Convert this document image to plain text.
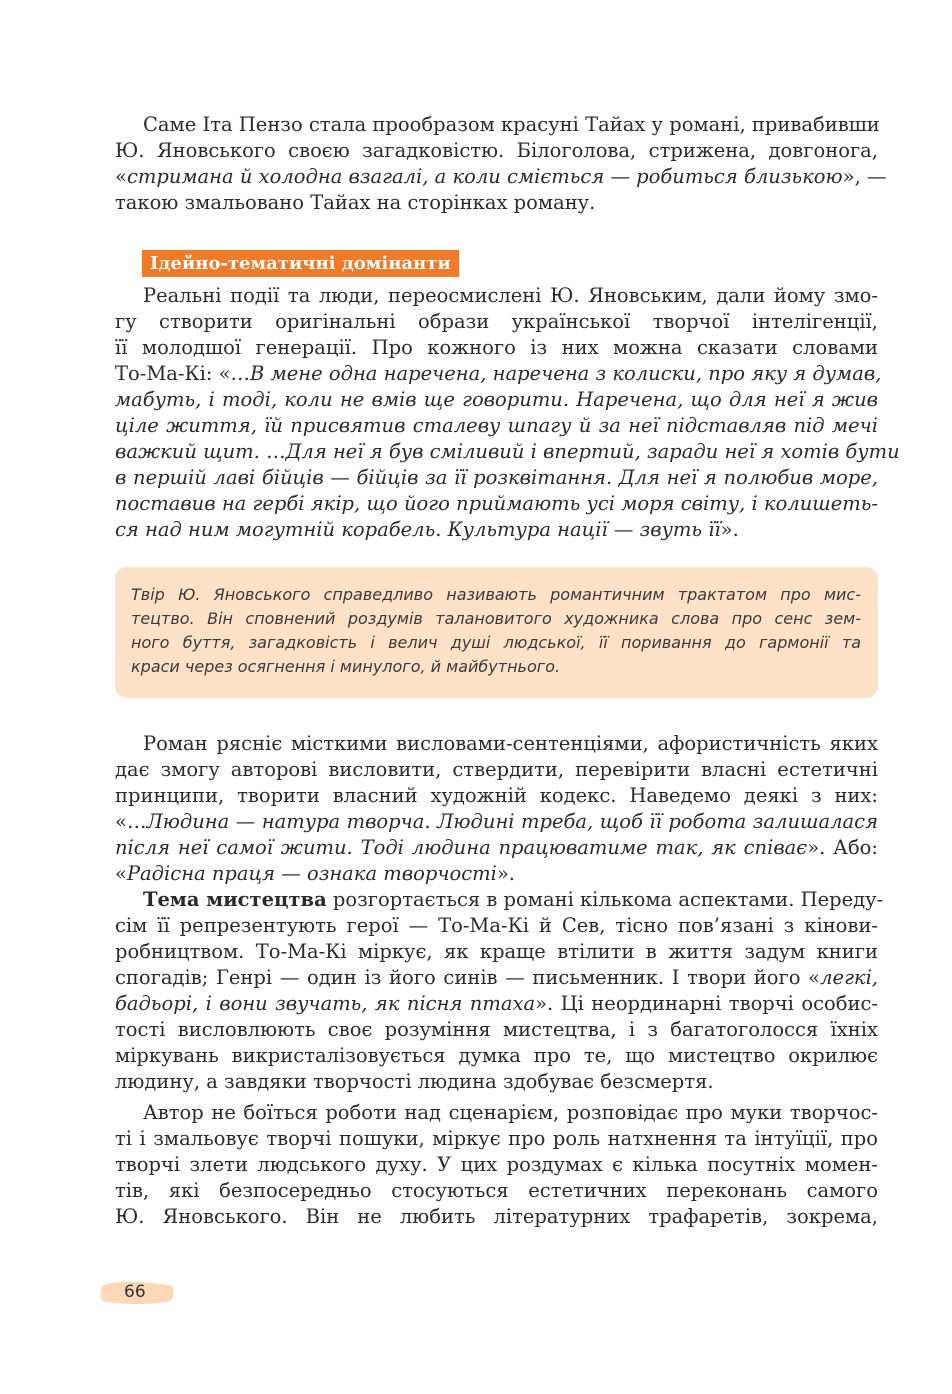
Саме Іта Пензо стала прообразом красуні Тайах у романі, привабивши
Ю. Яновського своєю загадковістю. Білоголова, стрижена, довгонога,
«стримана й холодна взагалі, а коли сміється — робиться близькою», —
такою змальовано Тайах на сторінках роману.
Ідейно-тематичні домінанти
Реальні події та люди, переосмислені Ю. Яновським, дали йому змо-
гу створити оригінальні образи української творчої інтелігенції,
її молодшої генерації. Про кожного із них можна сказати словами
То-Ма-Кі: «…В мене одна наречена, наречена з колиски, про яку я думав,
мабуть, і тоді, коли не вмів ще говорити. Наречена, що для неї я жив
ціле життя, їй присвятив сталеву шпагу й за неї підставляв під мечі
важкий щит. …Для неї я був сміливий і впертий, заради неї я хотів бути
в першій лаві бійців — бійців за її розквітання. Для неї я полюбив море,
поставив на гербі якір, що його приймають усі моря світу, і колишеть-
ся над ним могутній корабель. Культура нації — звуть її».
Твір Ю. Яновського справедливо називають романтичним трактатом про мис-
тецтво. Він сповнений роздумів талановитого художника слова про сенс зем-
ного буття, загадковість і велич душі людської, її поривання до гармонії та
краси через осягнення і минулого, й майбутнього.
Роман рясніє місткими висловами-сентенціями, афористичність яких
дає змогу авторові висловити, ствердити, перевірити власні естетичні
принципи, творити власний художній кодекс. Наведемо деякі з них:
«…Людина — натура творча. Людині треба, щоб її робота залишалася
після неї самої жити. Тоді людина працюватиме так, як співає». Або:
«Радісна праця — ознака творчості».
Тема мистецтва розгортається в романі кількома аспектами. Переду-
сім її репрезентують герої — То-Ма-Кі й Сев, тісно пов’язані з кінови-
робництвом. То-Ма-Кі міркує, як краще втілити в життя задум книги
спогадів; Генрі — один із його синів — письменник. І твори його «легкі,
бадьорі, і вони звучать, як пісня птаха». Ці неординарні творчі особис-
тості висловлюють своє розуміння мистецтва, і з багатоголосся їхніх
міркувань викристалізовується думка про те, що мистецтво окрилює
людину, а завдяки творчості людина здобуває безсмертя.
Автор не боїться роботи над сценарієм, розповідає про муки творчос-
ті і змальовує творчі пошуки, міркує про роль натхнення та інтуїції, про
творчі злети людського духу. У цих роздумах є кілька посутніх момен-
тів, які безпосередньо стосуються естетичних переконань самого
Ю. Яновського. Він не любить літературних трафаретів, зокрема,
66
